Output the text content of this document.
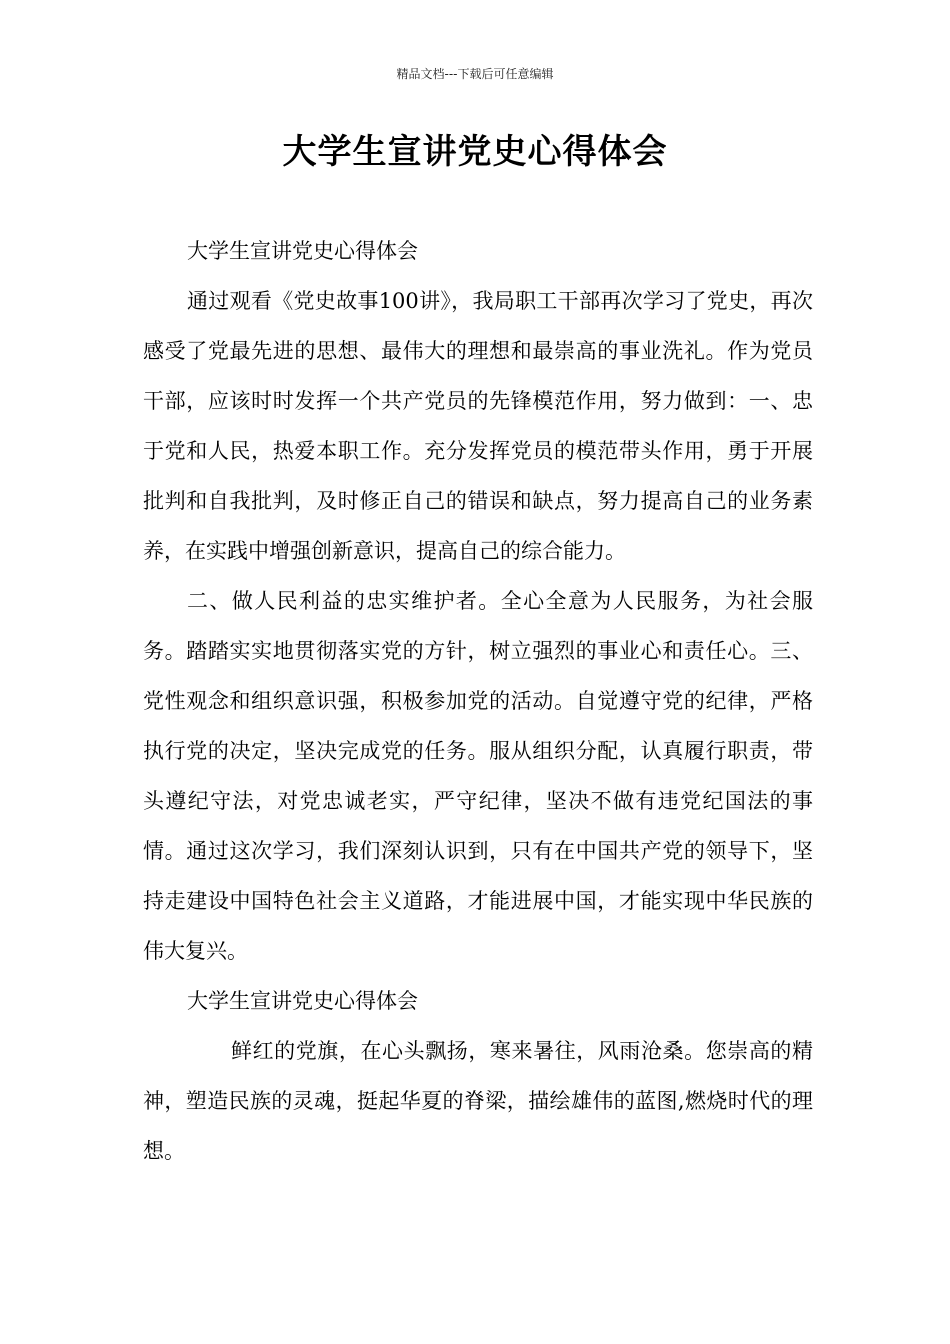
精品文档---下载后可任意编辑
大学生宣讲党史心得体会

大学生宣讲党史心得体会

通过观看《党史故事100讲》，我局职工干部再次学习了党史，再次感受了党最先进的思想、最伟大的理想和最崇高的事业洗礼。作为党员干部，应该时时发挥一个共产党员的先锋模范作用，努力做到：一、忠于党和人民，热爱本职工作。充分发挥党员的模范带头作用，勇于开展批判和自我批判，及时修正自己的错误和缺点，努力提高自己的业务素养，在实践中增强创新意识，提高自己的综合能力。

二、做人民利益的忠实维护者。全心全意为人民服务，为社会服务。踏踏实实地贯彻落实党的方针，树立强烈的事业心和责任心。三、党性观念和组织意识强，积极参加党的活动。自觉遵守党的纪律，严格执行党的决定，坚决完成党的任务。服从组织分配，认真履行职责，带头遵纪守法，对党忠诚老实，严守纪律，坚决不做有违党纪国法的事情。通过这次学习，我们深刻认识到，只有在中国共产党的领导下，坚持走建设中国特色社会主义道路，才能进展中国，才能实现中华民族的伟大复兴。

大学生宣讲党史心得体会

鲜红的党旗，在心头飘扬，寒来暑往，风雨沧桑。您崇高的精神，塑造民族的灵魂，挺起华夏的脊梁，描绘雄伟的蓝图,燃烧时代的理想。
